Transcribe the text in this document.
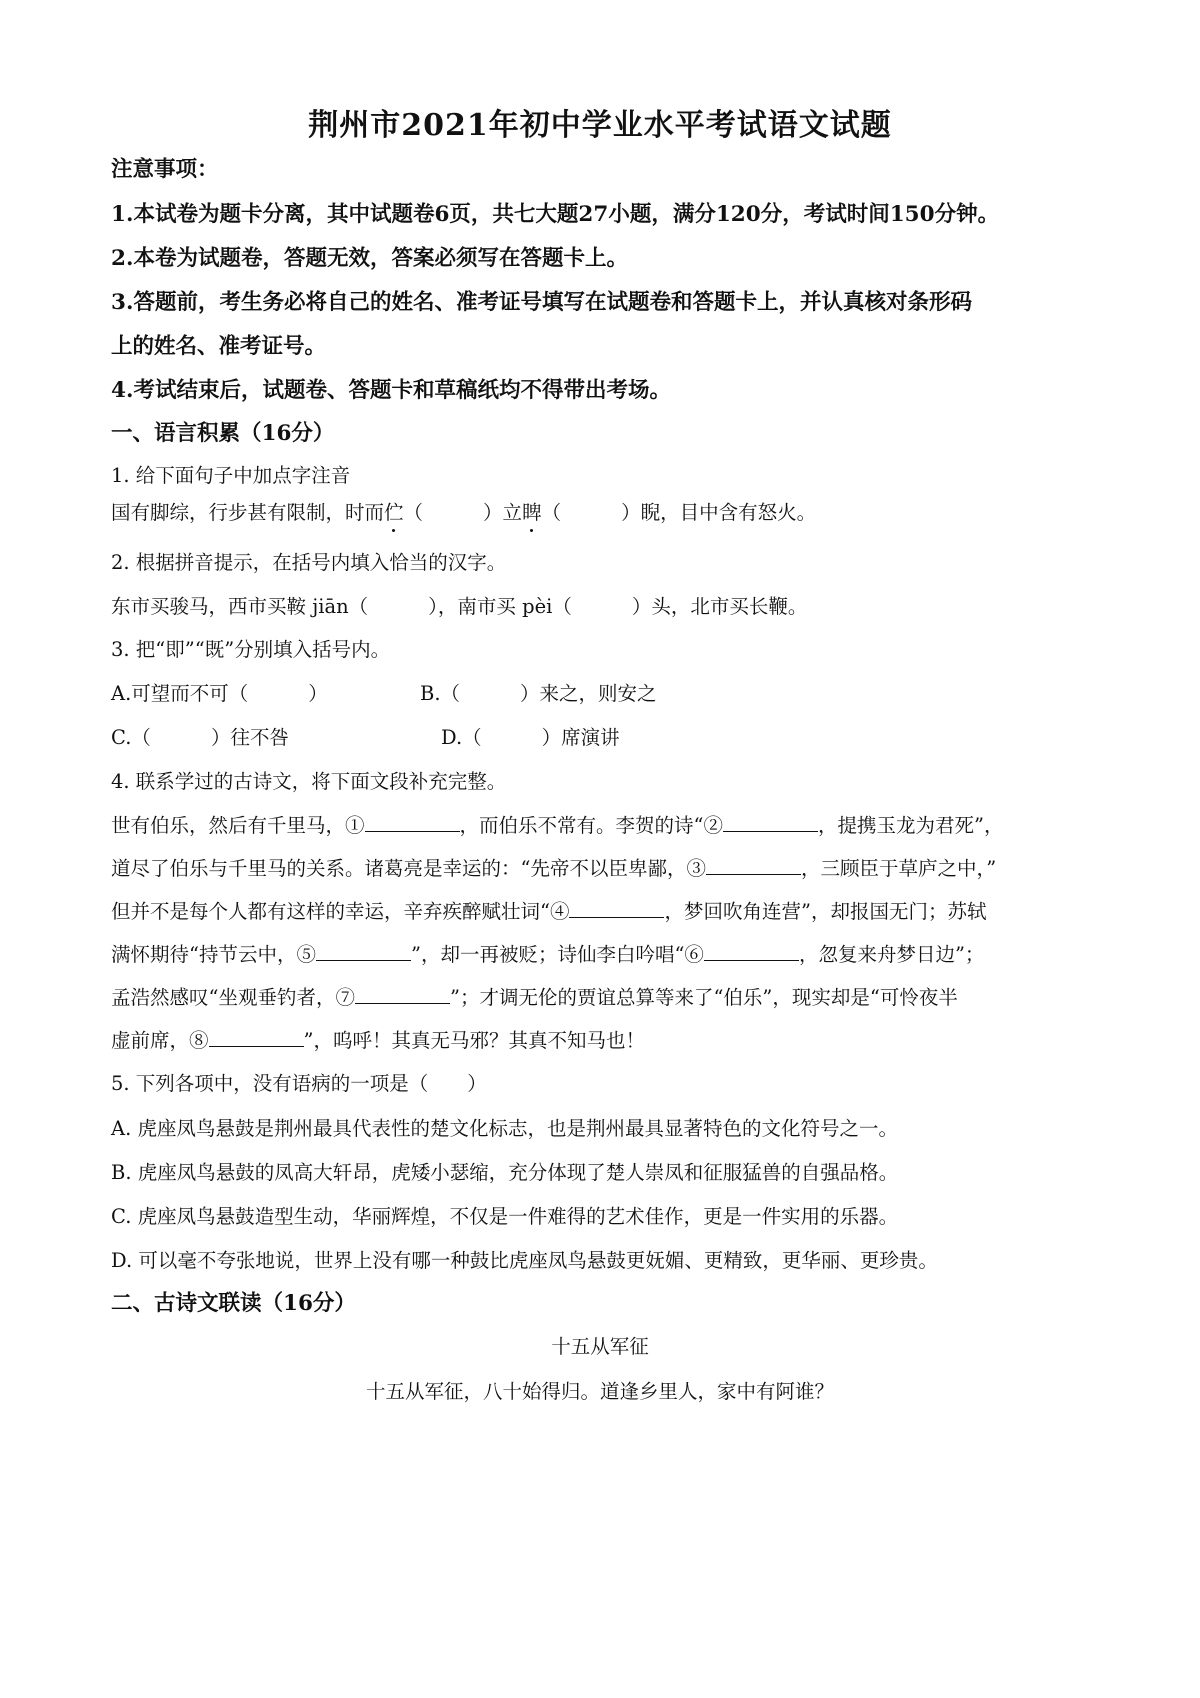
荆州市2021年初中学业水平考试语文试题
注意事项：
1.本试卷为题卡分离，其中试题卷6页，共七大题27小题，满分120分，考试时间150分钟。
2.本卷为试题卷，答题无效，答案必须写在答题卡上。
3.答题前，考生务必将自己的姓名、准考证号填写在试题卷和答题卡上，并认真核对条形码
上的姓名、准考证号。
4.考试结束后，试题卷、答题卡和草稿纸均不得带出考场。
一、语言积累（16分）
1. 给下面句子中加点字注音
国有脚综，行步甚有限制，时而伫（	）立睥（	）睨，目中含有怒火。
2. 根据拼音提示，在括号内填入恰当的汉字。
东市买骏马，西市买鞍 jiān（	），南市买 pèi（	）头，北市买长鞭。
3. 把“即”“既”分别填入括号内。
A.可望而不可（	）	B.（	）来之，则安之
C.（	）往不咎	D.（	）席演讲
4. 联系学过的古诗文，将下面文段补充完整。
世有伯乐，然后有千里马，①	，而伯乐不常有。李贺的诗“②	，提携玉龙为君死”，
道尽了伯乐与千里马的关系。诸葛亮是幸运的：“先帝不以臣卑鄙，③	，三顾臣于草庐之中，”
但并不是每个人都有这样的幸运，辛弃疾醉赋壮词“④	，梦回吹角连营”，却报国无门；苏轼
满怀期待“持节云中，⑤	”，却一再被贬；诗仙李白吟唱“⑥	，忽复来舟梦日边”；
孟浩然感叹“坐观垂钓者，⑦	”；才调无伦的贾谊总算等来了“伯乐”，现实却是“可怜夜半
虚前席，⑧	”，呜呼！其真无马邪？其真不知马也！
5. 下列各项中，没有语病的一项是（　　）
A. 虎座凤鸟悬鼓是荆州最具代表性的楚文化标志，也是荆州最具显著特色的文化符号之一。
B. 虎座凤鸟悬鼓的凤高大轩昂，虎矮小瑟缩，充分体现了楚人崇凤和征服猛兽的自强品格。
C. 虎座凤鸟悬鼓造型生动，华丽辉煌，不仅是一件难得的艺术佳作，更是一件实用的乐器。
D. 可以毫不夸张地说，世界上没有哪一种鼓比虎座凤鸟悬鼓更妩媚、更精致，更华丽、更珍贵。
二、古诗文联读（16分）
十五从军征
十五从军征，八十始得归。道逢乡里人，家中有阿谁？
